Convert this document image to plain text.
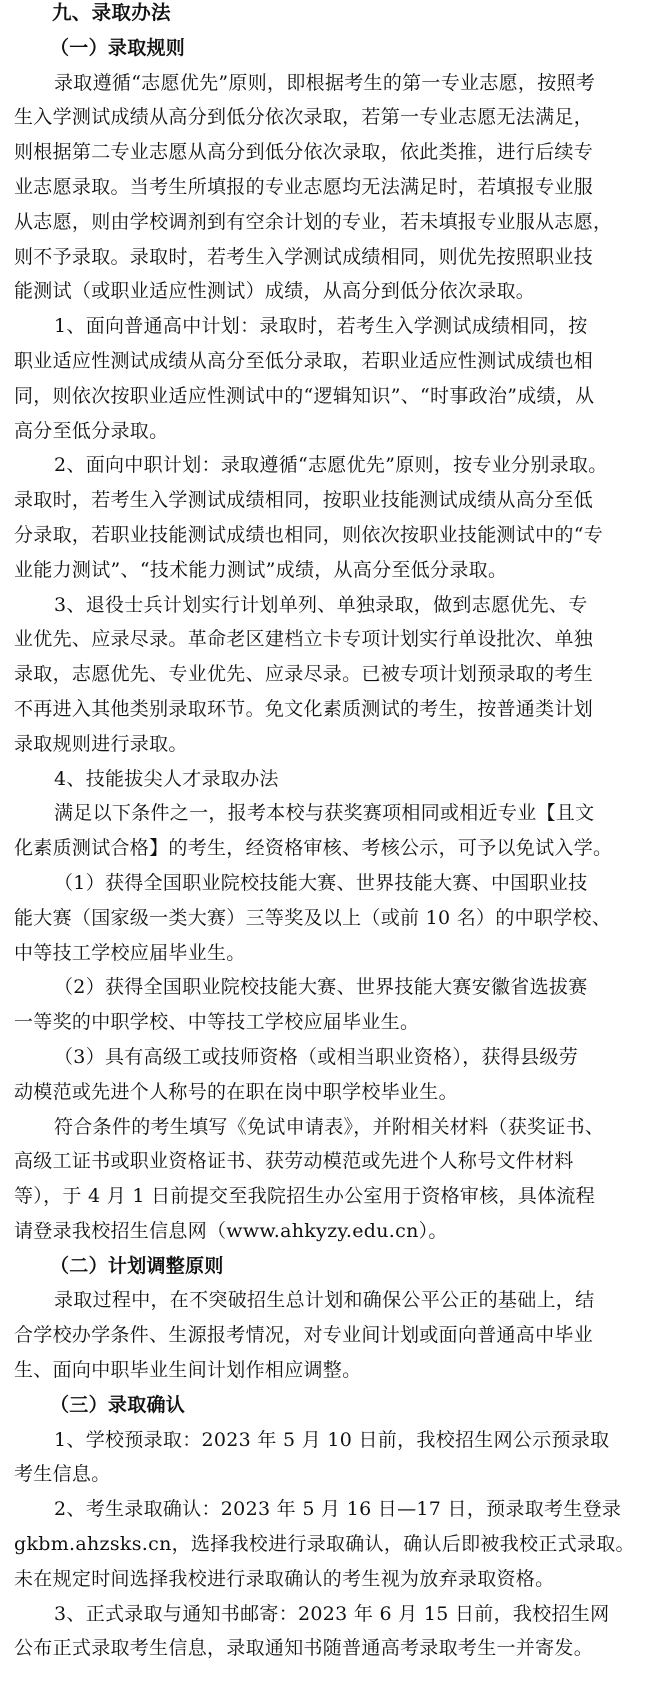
九、录取办法

（一）录取规则

录取遵循“志愿优先”原则，即根据考生的第一专业志愿，按照考

生入学测试成绩从高分到低分依次录取，若第一专业志愿无法满足，

则根据第二专业志愿从高分到低分依次录取，依此类推，进行后续专

业志愿录取。当考生所填报的专业志愿均无法满足时，若填报专业服

从志愿，则由学校调剂到有空余计划的专业，若未填报专业服从志愿，

则不予录取。录取时，若考生入学测试成绩相同，则优先按照职业技

能测试（或职业适应性测试）成绩，从高分到低分依次录取。

1、面向普通高中计划：录取时，若考生入学测试成绩相同，按

职业适应性测试成绩从高分至低分录取，若职业适应性测试成绩也相

同，则依次按职业适应性测试中的“逻辑知识”、“时事政治”成绩，从

高分至低分录取。

2、面向中职计划：录取遵循“志愿优先”原则，按专业分别录取。

录取时，若考生入学测试成绩相同，按职业技能测试成绩从高分至低

分录取，若职业技能测试成绩也相同，则依次按职业技能测试中的“专

业能力测试”、“技术能力测试”成绩，从高分至低分录取。

3、退役士兵计划实行计划单列、单独录取，做到志愿优先、专

业优先、应录尽录。革命老区建档立卡专项计划实行单设批次、单独

录取，志愿优先、专业优先、应录尽录。已被专项计划预录取的考生

不再进入其他类别录取环节。免文化素质测试的考生，按普通类计划

录取规则进行录取。

4、技能拔尖人才录取办法

满足以下条件之一，报考本校与获奖赛项相同或相近专业【且文

化素质测试合格】的考生，经资格审核、考核公示，可予以免试入学。

（1）获得全国职业院校技能大赛、世界技能大赛、中国职业技

能大赛（国家级一类大赛）三等奖及以上（或前 10 名）的中职学校、

中等技工学校应届毕业生。

（2）获得全国职业院校技能大赛、世界技能大赛安徽省选拔赛

一等奖的中职学校、中等技工学校应届毕业生。

（3）具有高级工或技师资格（或相当职业资格），获得县级劳

动模范或先进个人称号的在职在岗中职学校毕业生。

符合条件的考生填写《免试申请表》，并附相关材料（获奖证书、

高级工证书或职业资格证书、获劳动模范或先进个人称号文件材料

等），于 4 月 1 日前提交至我院招生办公室用于资格审核，具体流程

请登录我校招生信息网（www.ahkyzy.edu.cn）。

（二）计划调整原则

录取过程中，在不突破招生总计划和确保公平公正的基础上，结

合学校办学条件、生源报考情况，对专业间计划或面向普通高中毕业

生、面向中职毕业生间计划作相应调整。

（三）录取确认

1、学校预录取：2023 年 5 月 10 日前，我校招生网公示预录取

考生信息。

2、考生录取确认：2023 年 5 月 16 日—17 日，预录取考生登录

gkbm.ahzsks.cn，选择我校进行录取确认，确认后即被我校正式录取。

未在规定时间选择我校进行录取确认的考生视为放弃录取资格。

3、正式录取与通知书邮寄：2023 年 6 月 15 日前，我校招生网

公布正式录取考生信息，录取通知书随普通高考录取考生一并寄发。
